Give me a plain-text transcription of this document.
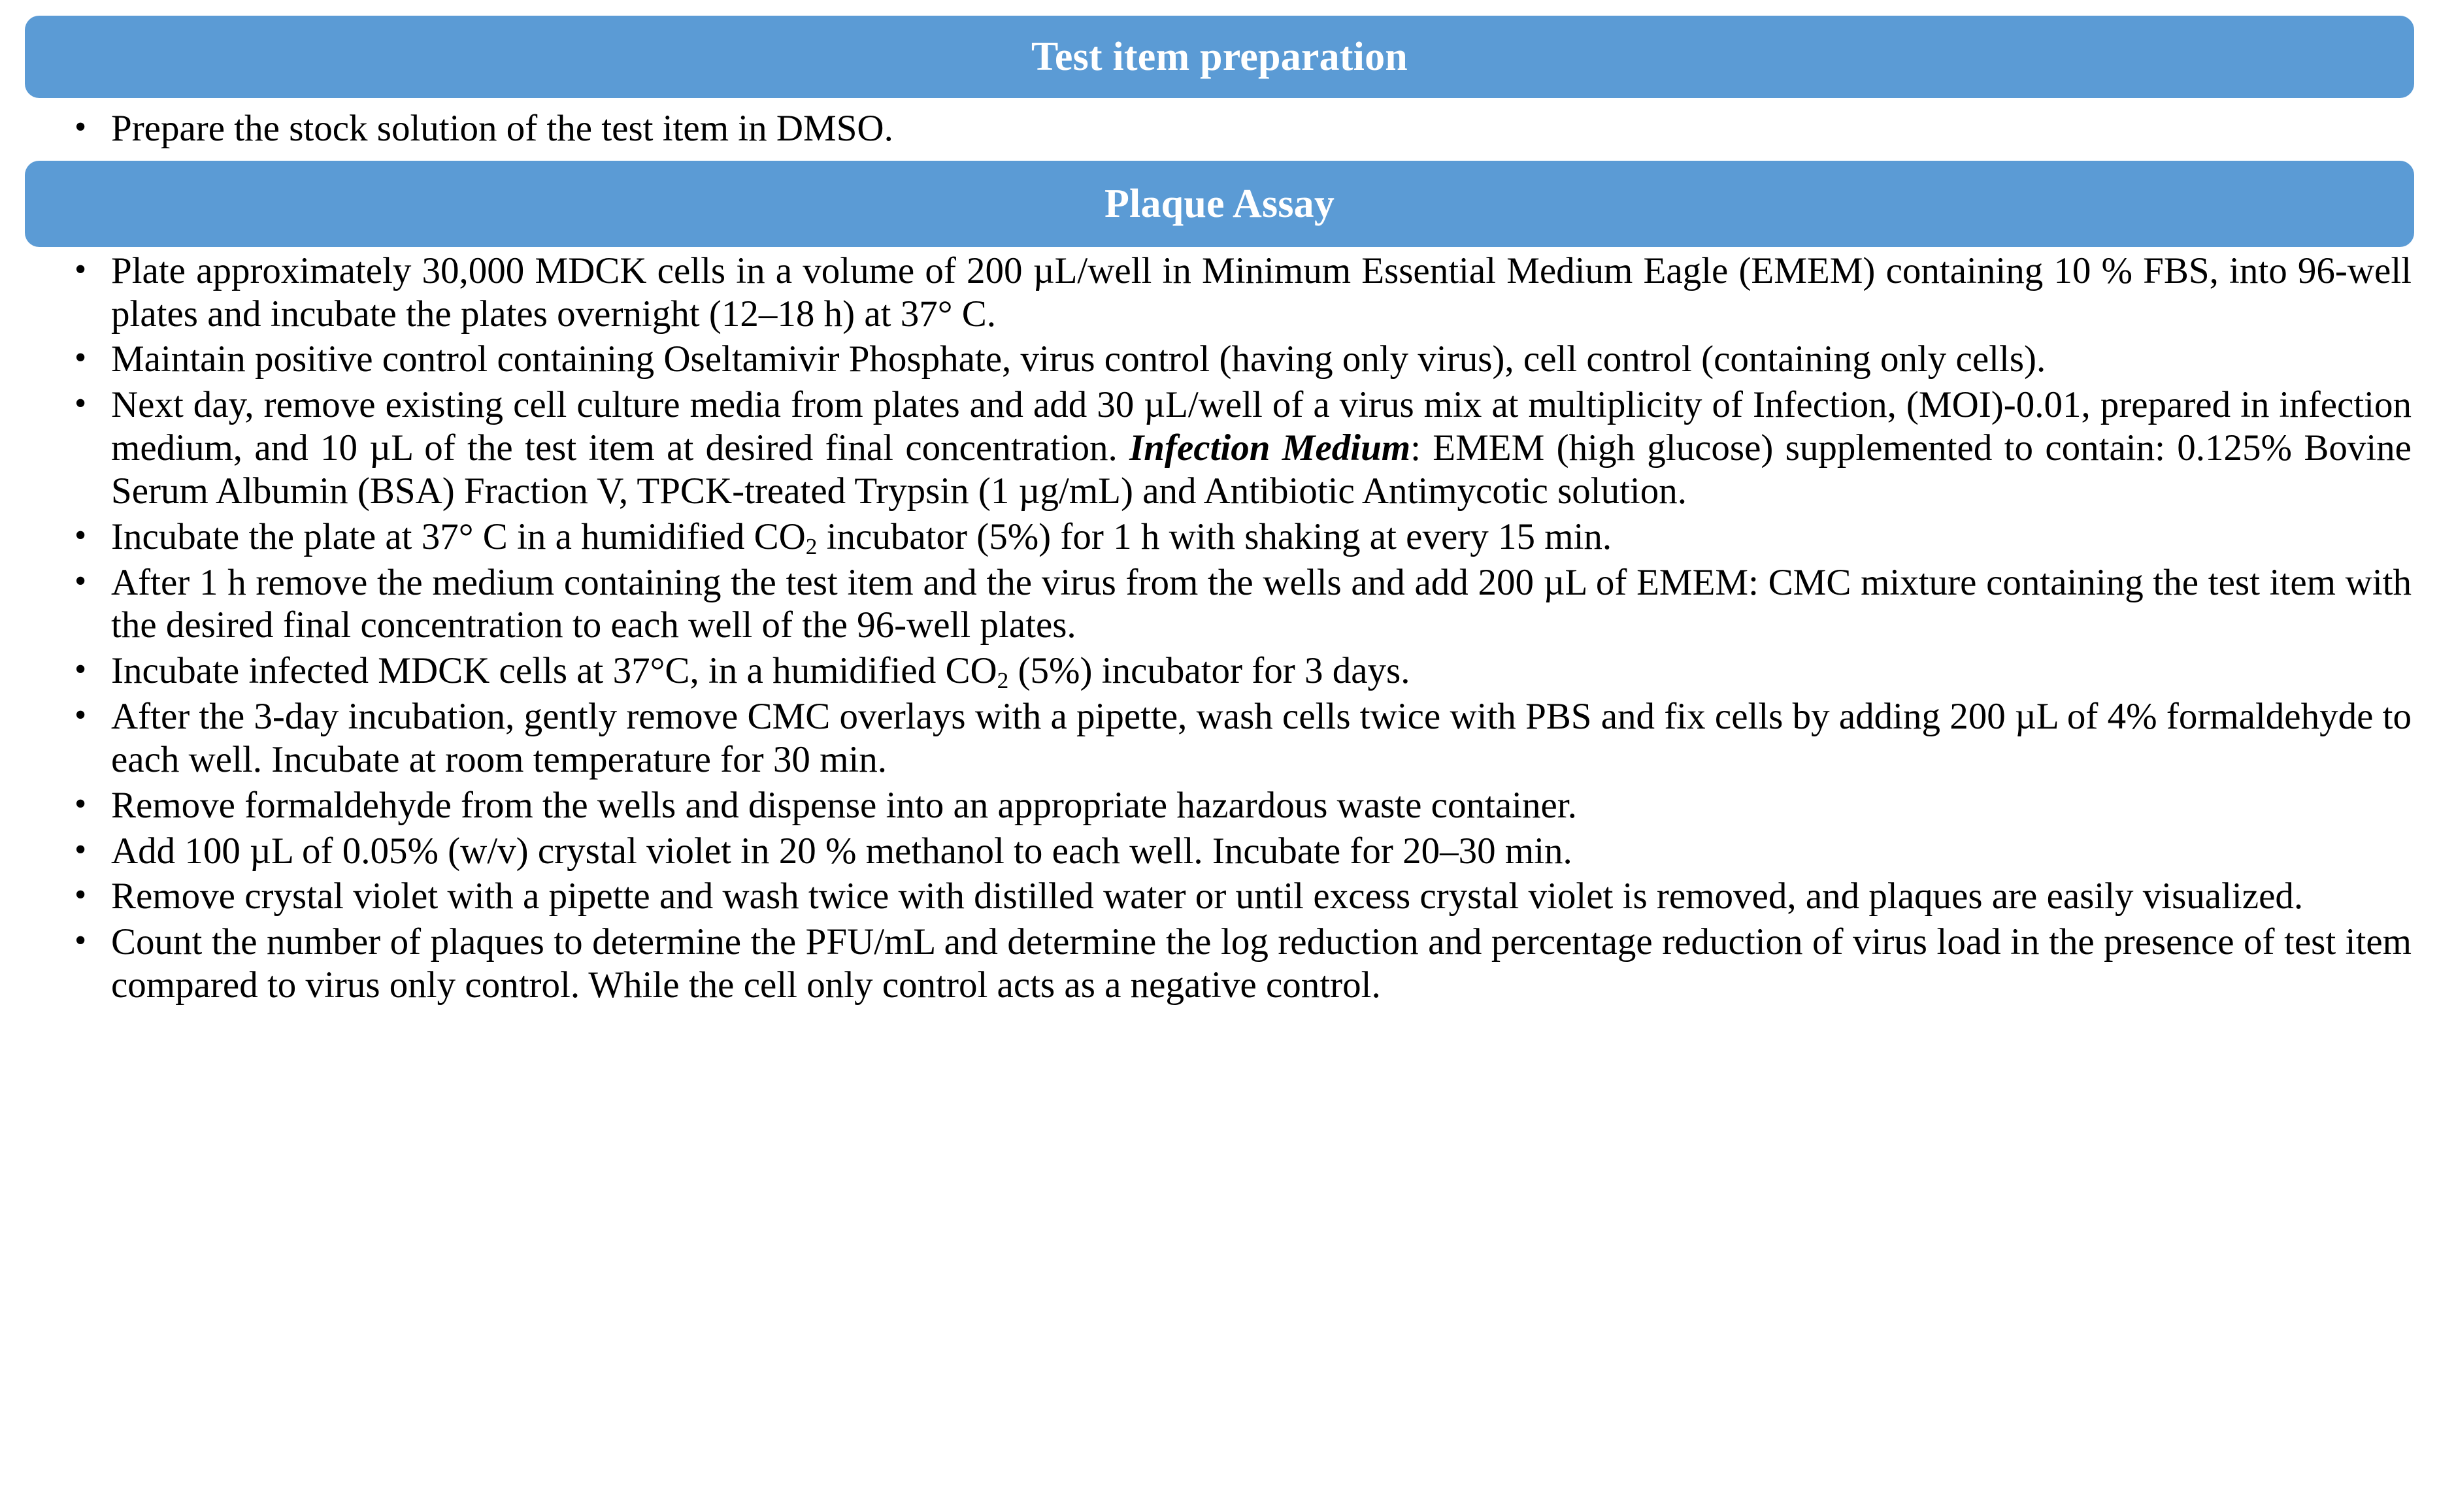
Test item preparation
• Prepare the stock solution of the test item in DMSO.
Plaque Assay
• Plate approximately 30,000 MDCK cells in a volume of 200 µL/well in Minimum Essential Medium Eagle (EMEM) containing 10 % FBS, into 96-well plates and incubate the plates overnight (12–18 h) at 37° C.
• Maintain positive control containing Oseltamivir Phosphate, virus control (having only virus), cell control (containing only cells).
• Next day, remove existing cell culture media from plates and add 30 µL/well of a virus mix at multiplicity of Infection, (MOI)-0.01, prepared in infection medium, and 10 µL of the test item at desired final concentration. Infection Medium: EMEM (high glucose) supplemented to contain: 0.125% Bovine Serum Albumin (BSA) Fraction V, TPCK-treated Trypsin (1 µg/mL) and Antibiotic Antimycotic solution.
• Incubate the plate at 37° C in a humidified $CO_2$ incubator (5%) for 1 h with shaking at every 15 min.
• After 1 h remove the medium containing the test item and the virus from the wells and add 200 µL of EMEM: CMC mixture containing the test item with the desired final concentration to each well of the 96-well plates.
• Incubate infected MDCK cells at 37°C, in a humidified $CO_2$ (5%) incubator for 3 days.
• After the 3-day incubation, gently remove CMC overlays with a pipette, wash cells twice with PBS and fix cells by adding 200 µL of 4% formaldehyde to each well. Incubate at room temperature for 30 min.
• Remove formaldehyde from the wells and dispense into an appropriate hazardous waste container.
• Add 100 µL of 0.05% (w/v) crystal violet in 20 % methanol to each well. Incubate for 20–30 min.
• Remove crystal violet with a pipette and wash twice with distilled water or until excess crystal violet is removed, and plaques are easily visualized.
• Count the number of plaques to determine the PFU/mL and determine the log reduction and percentage reduction of virus load in the presence of test item compared to virus only control. While the cell only control acts as a negative control.
